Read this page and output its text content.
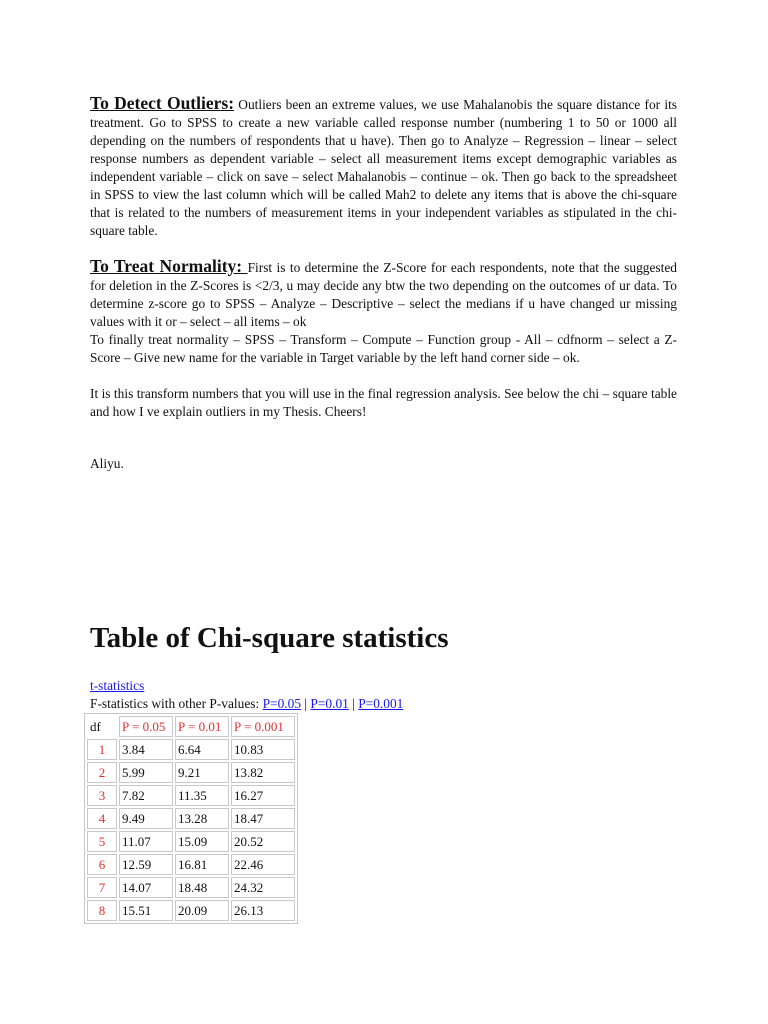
To Detect Outliers: Outliers been an extreme values, we use Mahalanobis the square distance for its treatment. Go to SPSS to create a new variable called response number (numbering 1 to 50 or 1000 all depending on the numbers of respondents that u have). Then go to Analyze – Regression – linear – select response numbers as dependent variable – select all measurement items except demographic variables as independent variable – click on save – select Mahalanobis – continue – ok. Then go back to the spreadsheet in SPSS to view the last column which will be called Mah2 to delete any items that is above the chi-square that is related to the numbers of measurement items in your independent variables as stipulated in the chi-square table.

To Treat Normality: First is to determine the Z-Score for each respondents, note that the suggested for deletion in the Z-Scores is <2/3, u may decide any btw the two depending on the outcomes of ur data. To determine z-score go to SPSS – Analyze – Descriptive – select the medians if u have changed ur missing values with it or – select – all items – ok

To finally treat normality – SPSS – Transform – Compute – Function group - All – cdfnorm – select a Z-Score – Give new name for the variable in Target variable by the left hand corner side – ok.

It is this transform numbers that you will use in the final regression analysis. See below the chi – square table and how I ve explain outliers in my Thesis. Cheers!

Aliyu.
Table of Chi-square statistics
t-statistics
F-statistics with other P-values: P=0.05 | P=0.01 | P=0.001
df	P = 0.05	P = 0.01	P = 0.001
1	3.84	6.64	10.83
2	5.99	9.21	13.82
3	7.82	11.35	16.27
4	9.49	13.28	18.47
5	11.07	15.09	20.52
6	12.59	16.81	22.46
7	14.07	18.48	24.32
8	15.51	20.09	26.13
